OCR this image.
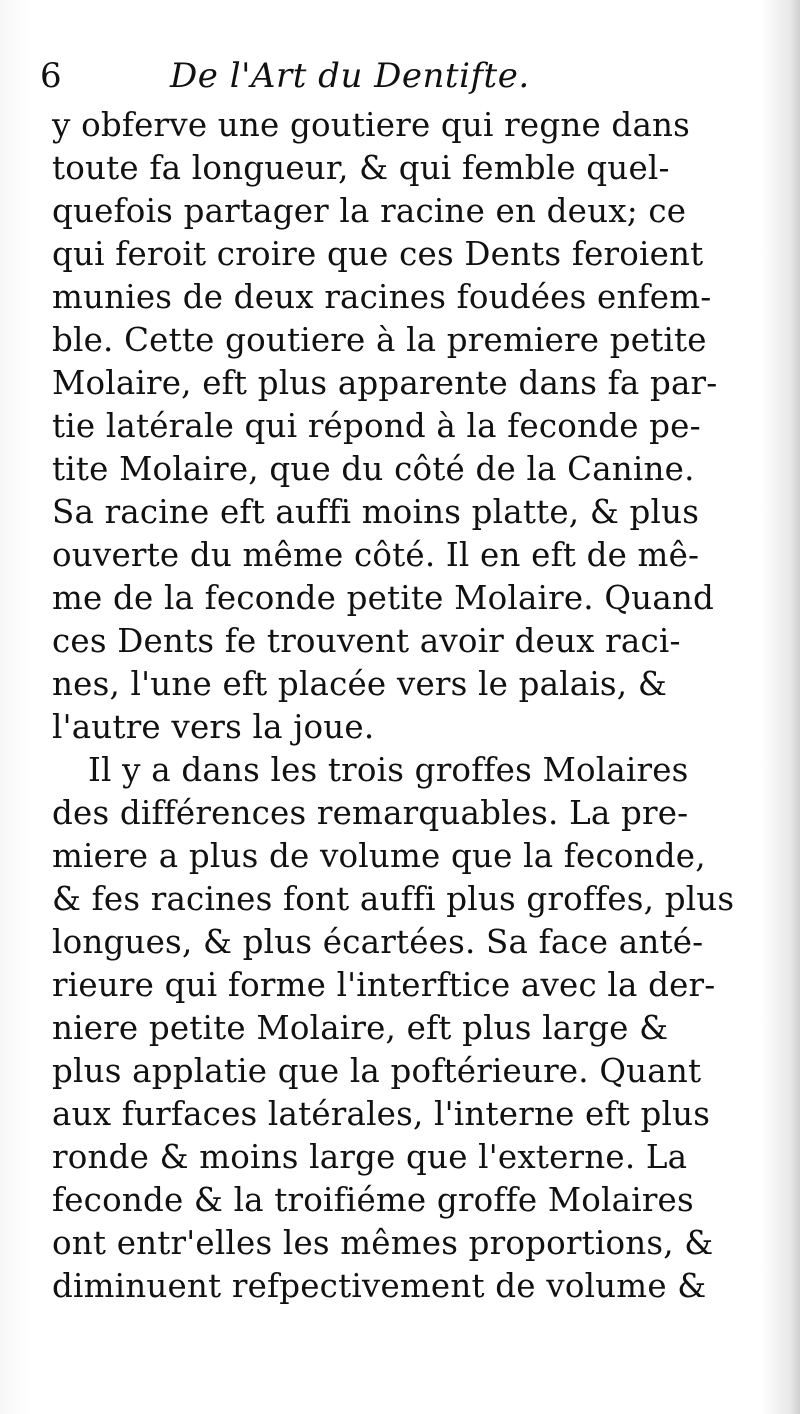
6	De l'Art du Dentifte.
y obferve une goutiere qui regne dans
toute fa longueur, & qui femble quel-
quefois partager la racine en deux; ce
qui feroit croire que ces Dents feroient
munies de deux racines foudées enfem-
ble. Cette goutiere à la premiere petite
Molaire, eft plus apparente dans fa par-
tie latérale qui répond à la feconde pe-
tite Molaire, que du côté de la Canine.
Sa racine eft auffi moins platte, & plus
ouverte du même côté. Il en eft de mê-
me de la feconde petite Molaire. Quand
ces Dents fe trouvent avoir deux raci-
nes, l'une eft placée vers le palais, &
l'autre vers la joue.
Il y a dans les trois groffes Molaires
des différences remarquables. La pre-
miere a plus de volume que la feconde,
& fes racines font auffi plus groffes, plus
longues, & plus écartées. Sa face anté-
rieure qui forme l'interftice avec la der-
niere petite Molaire, eft plus large &
plus applatie que la poftérieure. Quant
aux furfaces latérales, l'interne eft plus
ronde & moins large que l'externe. La
feconde & la troifiéme groffe Molaires
ont entr'elles les mêmes proportions, &
diminuent refpectivement de volume &
